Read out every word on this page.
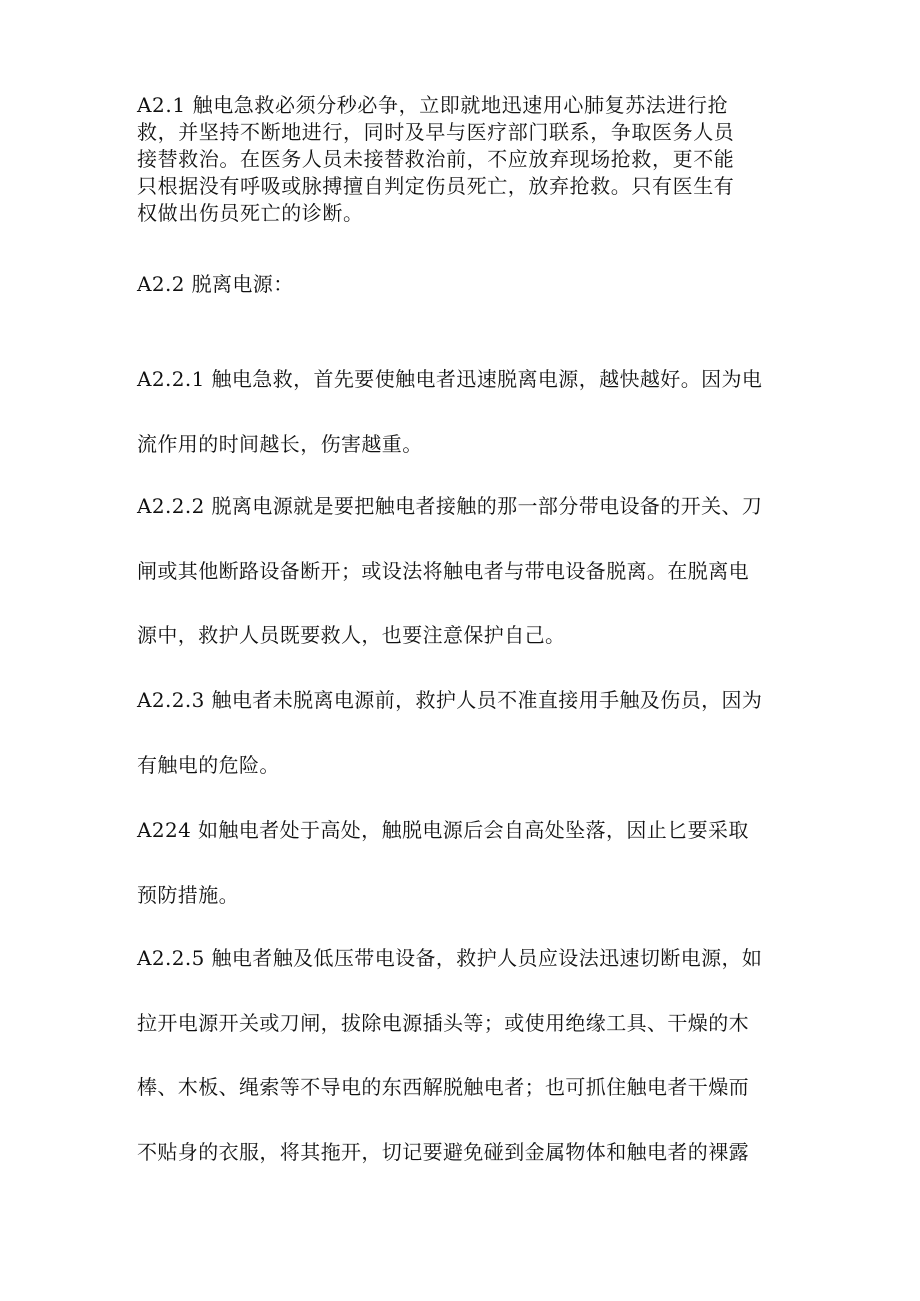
A2.1 触电急救必须分秒必争，立即就地迅速用心肺复苏法进行抢
救，并坚持不断地进行，同时及早与医疗部门联系，争取医务人员
接替救治。在医务人员未接替救治前，不应放弃现场抢救，更不能
只根据没有呼吸或脉搏擅自判定伤员死亡，放弃抢救。只有医生有
权做出伤员死亡的诊断。
A2.2 脱离电源：
A2.2.1 触电急救，首先要使触电者迅速脱离电源，越快越好。因为电
流作用的时间越长，伤害越重。
A2.2.2 脱离电源就是要把触电者接触的那一部分带电设备的开关、刀
闸或其他断路设备断开；或设法将触电者与带电设备脱离。在脱离电
源中，救护人员既要救人，也要注意保护自己。
A2.2.3 触电者未脱离电源前，救护人员不准直接用手触及伤员，因为
有触电的危险。
A224 如触电者处于高处，触脱电源后会自高处坠落，因止匕要采取
预防措施。
A2.2.5 触电者触及低压带电设备，救护人员应设法迅速切断电源，如
拉开电源开关或刀闸，拔除电源插头等；或使用绝缘工具、干燥的木
棒、木板、绳索等不导电的东西解脱触电者；也可抓住触电者干燥而
不贴身的衣服，将其拖开，切记要避免碰到金属物体和触电者的裸露
